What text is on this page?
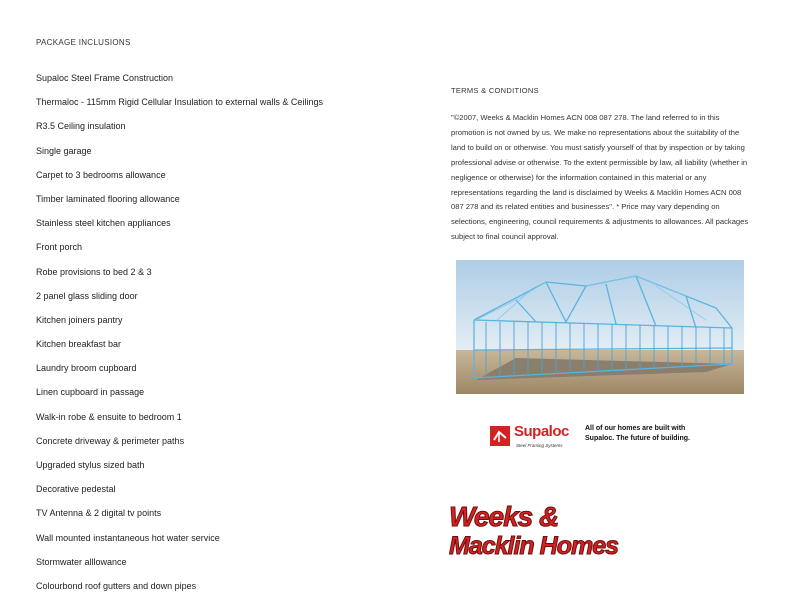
PACKAGE INCLUSIONS
Supaloc Steel Frame Construction
Thermaloc - 115mm Rigid Cellular Insulation to external walls & Ceilings
R3.5 Ceiling insulation
Single garage
Carpet to 3 bedrooms allowance
Timber laminated flooring allowance
Stainless steel kitchen appliances
Front porch
Robe provisions to bed 2 & 3
2 panel glass sliding door
Kitchen joiners pantry
Kitchen breakfast bar
Laundry broom cupboard
Linen cupboard in passage
Walk-in robe & ensuite to bedroom 1
Concrete driveway & perimeter paths
Upgraded stylus sized bath
Decorative pedestal
TV Antenna & 2 digital tv points
Wall mounted instantaneous hot water service
Stormwater alllowance
Colourbond roof gutters and down pipes
TERMS & CONDITIONS

"©2007, Weeks & Macklin Homes ACN 008 087 278. The land referred to in this promotion is not owned by us. We make no representations about the suitability of the land to build on or otherwise. You must satisfy yourself of that by inspection or by taking professional advise or otherwise. To the extent permissible by law, all liability (whether in negligence or otherwise) for the information contained in this material or any representations regarding the land is disclaimed by Weeks & Macklin Homes ACN 008 087 278 and its related entities and businesses". * Price may vary depending on selections, engineering, council requirements & adjustments to allowances. All packages subject to final council approval.

Supaloc
Steel Framing Systems
All of our homes are built with Supaloc. The future of building.
Weeks &
Macklin Homes
